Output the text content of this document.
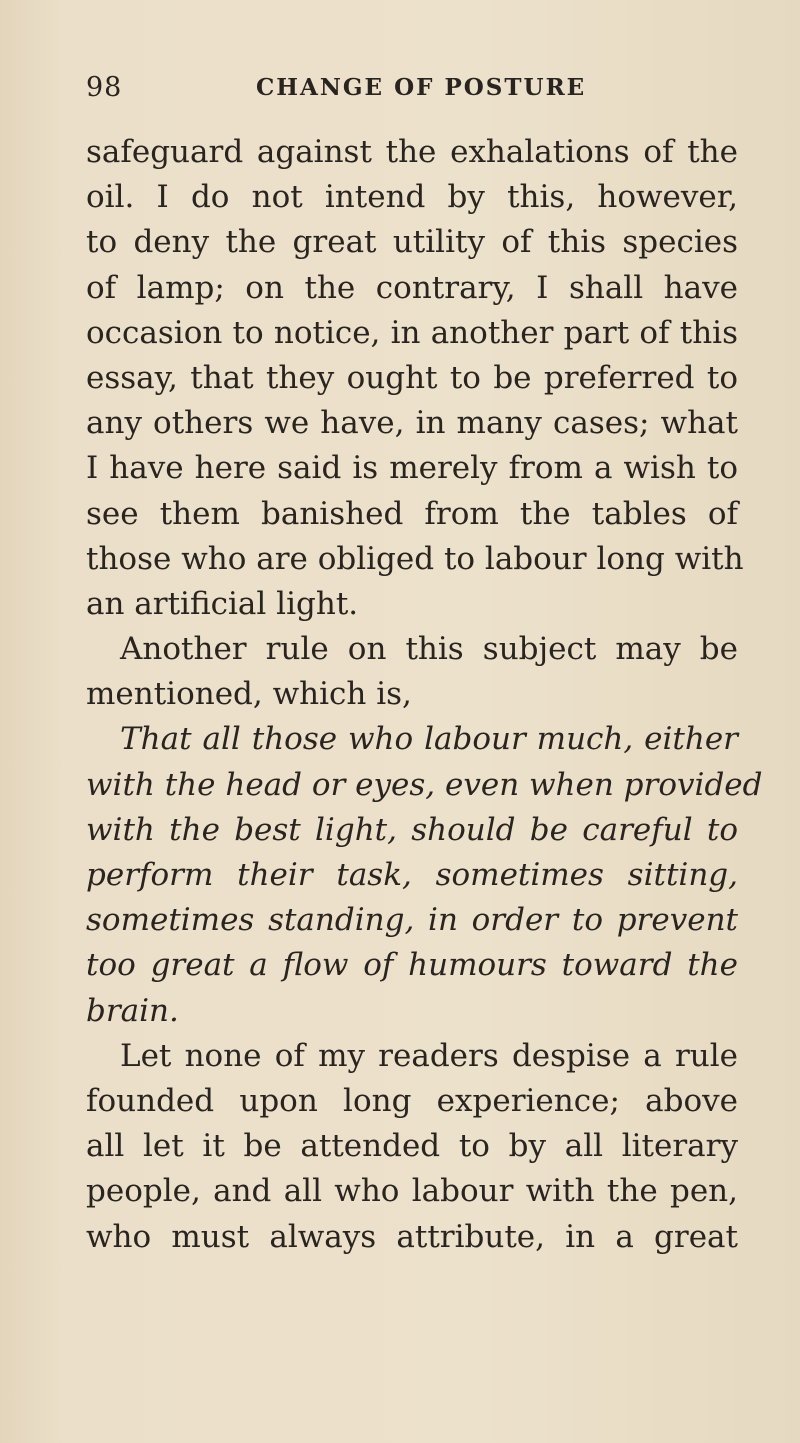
98	CHANGE OF POSTURE
safeguard against the exhalations of the
oil. I do not intend by this, however,
to deny the great utility of this species
of lamp; on the contrary, I shall have
occasion to notice, in another part of this
essay, that they ought to be preferred to
any others we have, in many cases; what
I have here said is merely from a wish to
see them banished from the tables of
those who are obliged to labour long with
an artificial light.
Another rule on this subject may be
mentioned, which is,
That all those who labour much, either
with the head or eyes, even when provided
with the best light, should be careful to
perform their task, sometimes sitting,
sometimes standing, in order to prevent
too great a flow of humours toward the
brain.
Let none of my readers despise a rule
founded upon long experience; above
all let it be attended to by all literary
people, and all who labour with the pen,
who must always attribute, in a great
